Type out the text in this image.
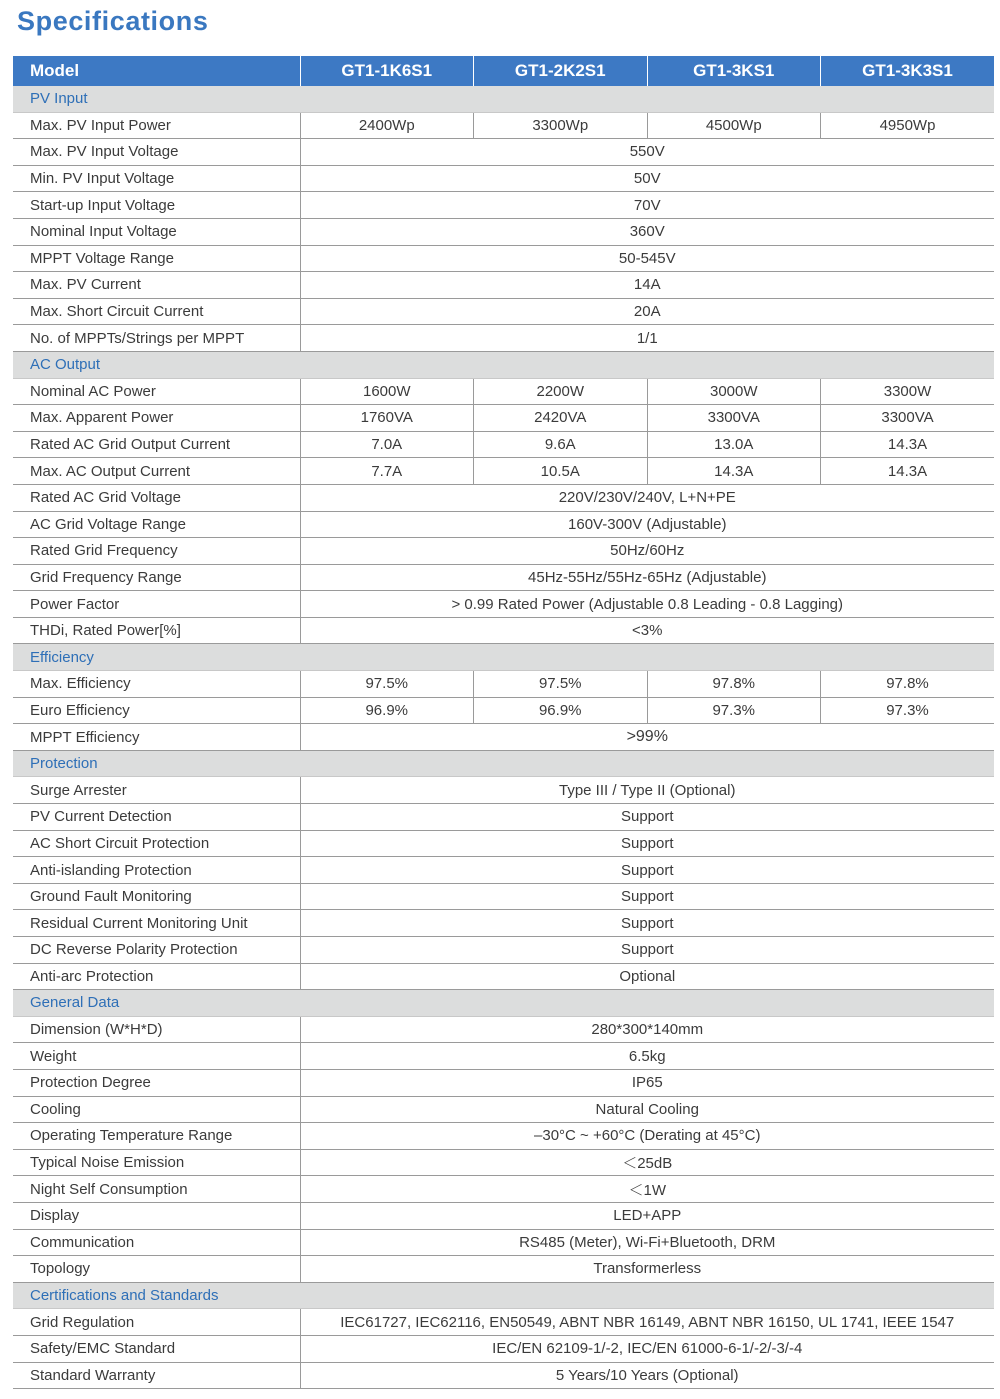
Specifications
Model	GT1-1K6S1	GT1-2K2S1	GT1-3KS1	GT1-3K3S1
PV Input				
Max. PV Input Power	2400Wp	3300Wp	4500Wp	4950Wp
Max. PV Input Voltage	550V			
Min. PV Input Voltage	50V			
Start-up Input Voltage	70V			
Nominal Input Voltage	360V			
MPPT Voltage Range	50-545V			
Max. PV Current	14A			
Max. Short Circuit Current	20A			
No. of MPPTs/Strings per MPPT	1/1			
AC Output				
Nominal AC Power	1600W	2200W	3000W	3300W
Max. Apparent Power	1760VA	2420VA	3300VA	3300VA
Rated AC Grid Output Current	7.0A	9.6A	13.0A	14.3A
Max. AC Output Current	7.7A	10.5A	14.3A	14.3A
Rated AC Grid Voltage	220V/230V/240V, L+N+PE			
AC Grid Voltage Range	160V-300V (Adjustable)			
Rated Grid Frequency	50Hz/60Hz			
Grid Frequency Range	45Hz-55Hz/55Hz-65Hz (Adjustable)			
Power Factor	> 0.99 Rated Power (Adjustable 0.8 Leading - 0.8 Lagging)			
THDi, Rated Power[%]	<3%			
Efficiency				
Max. Efficiency	97.5%	97.5%	97.8%	97.8%
Euro Efficiency	96.9%	96.9%	97.3%	97.3%
MPPT Efficiency	>99%			
Protection				
Surge Arrester	Type III / Type II (Optional)			
PV Current Detection	Support			
AC Short Circuit Protection	Support			
Anti-islanding Protection	Support			
Ground Fault Monitoring	Support			
Residual Current Monitoring Unit	Support			
DC Reverse Polarity Protection	Support			
Anti-arc Protection	Optional			
General Data				
Dimension (W*H*D)	280*300*140mm			
Weight	6.5kg			
Protection Degree	IP65			
Cooling	Natural Cooling			
Operating Temperature Range	–30°C ~ +60°C (Derating at 45°C)			
Typical Noise Emission	＜25dB			
Night Self Consumption	＜1W			
Display	LED+APP			
Communication	RS485 (Meter), Wi-Fi+Bluetooth, DRM			
Topology	Transformerless			
Certifications and Standards				
Grid Regulation	IEC61727, IEC62116, EN50549, ABNT NBR 16149, ABNT NBR 16150, UL 1741, IEEE 1547			
Safety/EMC Standard	IEC/EN 62109-1/-2, IEC/EN 61000-6-1/-2/-3/-4			
Standard Warranty	5 Years/10 Years (Optional)			
